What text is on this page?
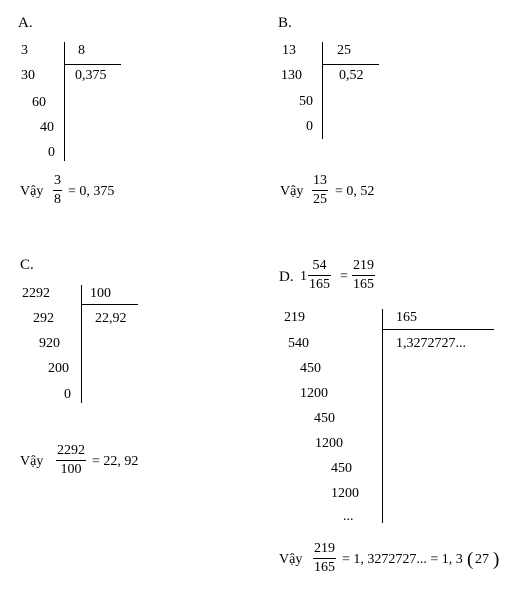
A.
3	8
0,375
30
60
40
0
Vậy
3
8
= 0, 375
B.
13	25
0,52
130
50
0
Vậy
13
25
= 0, 52
C.
2292	100
22,92
292
920
200
0
Vậy
2292
100
= 22, 92
D. 1
54
165
=
219
165
219	165
1,3272727...
540
450
1200
450
1200
450
1200
...
Vậy
219
165
= 1, 3272727... = 1, 3 ( 27 )
